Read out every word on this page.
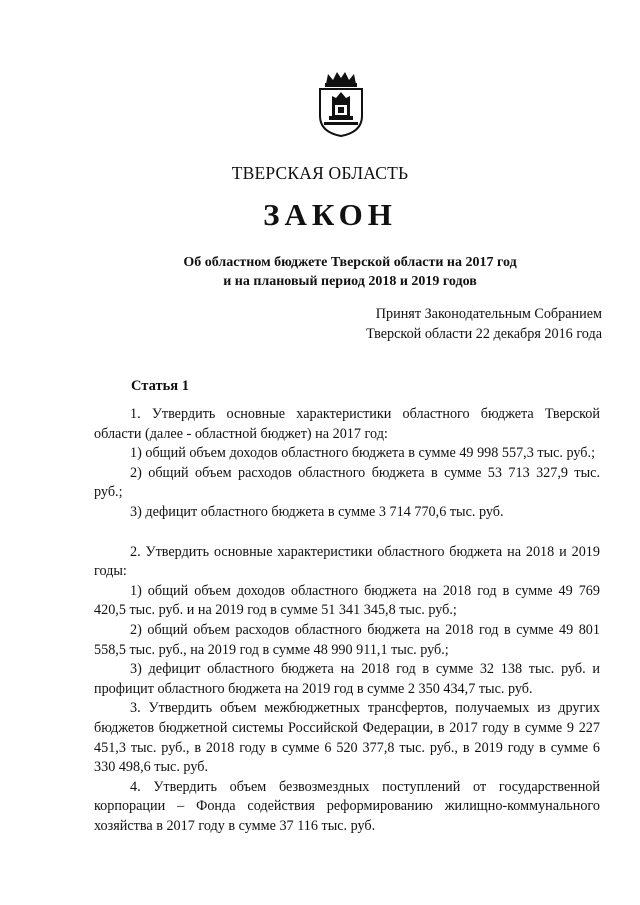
ТВЕРСКАЯ ОБЛАСТЬ
ЗАКОН
Об областном бюджете Тверской области на 2017 год
и на плановый период 2018 и 2019 годов
Принят Законодательным Собранием
Тверской области 22 декабря 2016 года
Статья 1

1. Утвердить основные характеристики областного бюджета Тверской области (далее - областной бюджет) на 2017 год:

1) общий объем доходов областного бюджета в сумме 49 998 557,3 тыс. руб.;

2) общий объем расходов областного бюджета в сумме 53 713 327,9 тыс. руб.;

3) дефицит областного бюджета в сумме 3 714 770,6 тыс. руб.

2. Утвердить основные характеристики областного бюджета на 2018 и 2019 годы:

1) общий объем доходов областного бюджета на 2018 год в сумме 49 769 420,5 тыс. руб. и на 2019 год в сумме 51 341 345,8 тыс. руб.;

2) общий объем расходов областного бюджета на 2018 год в сумме 49 801 558,5 тыс. руб., на 2019 год в сумме 48 990 911,1 тыс. руб.;

3) дефицит областного бюджета на 2018 год в сумме 32 138 тыс. руб. и профицит областного бюджета на 2019 год в сумме 2 350 434,7 тыс. руб.

3. Утвердить объем межбюджетных трансфертов, получаемых из других бюджетов бюджетной системы Российской Федерации, в 2017 году в сумме 9 227 451,3 тыс. руб., в 2018 году в сумме 6 520 377,8 тыс. руб., в 2019 году в сумме 6 330 498,6 тыс. руб.

4. Утвердить объем безвозмездных поступлений от государственной корпорации – Фонда содействия реформированию жилищно-коммунального хозяйства в 2017 году в сумме 37 116 тыс. руб.
